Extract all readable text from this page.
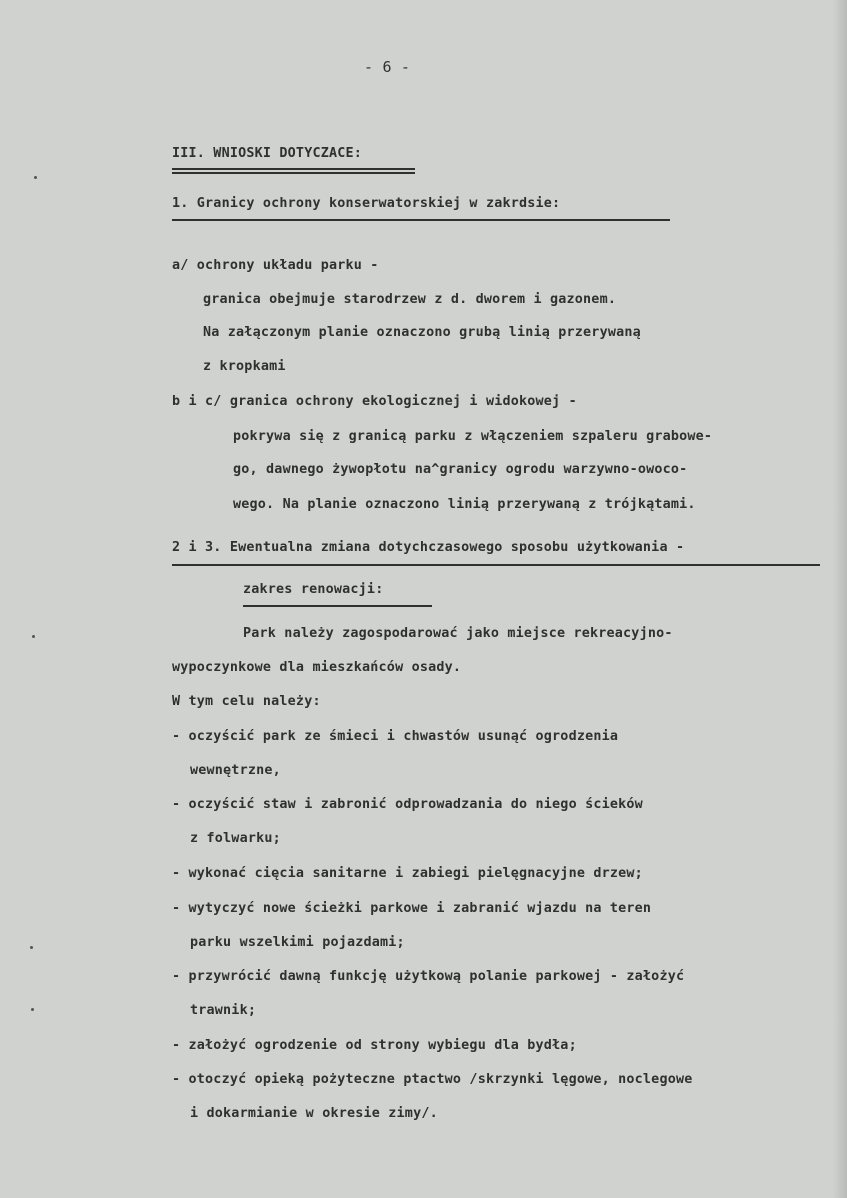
- 6 -
III. WNIOSKI DOTYCZACE:
1. Granicy ochrony konserwatorskiej w zakrdsie:
a/ ochrony układu parku -
granica obejmuje starodrzew z d. dworem i gazonem.
Na załączonym planie oznaczono grubą linią przerywaną
z kropkami
b i c/ granica ochrony ekologicznej i widokowej -
pokrywa się z granicą parku z włączeniem szpaleru grabowe-
go, dawnego żywopłotu na^granicy ogrodu warzywno-owoco-
wego. Na planie oznaczono linią przerywaną z trójkątami.
2 i 3. Ewentualna zmiana dotychczasowego sposobu użytkowania -
zakres renowacji:
Park należy zagospodarować jako miejsce rekreacyjno-
wypoczynkowe dla mieszkańców osady.
W tym celu należy:
- oczyścić park ze śmieci i chwastów usunąć ogrodzenia
wewnętrzne,
- oczyścić staw i zabronić odprowadzania do niego ścieków
z folwarku;
- wykonać cięcia sanitarne i zabiegi pielęgnacyjne drzew;
- wytyczyć nowe ścieżki parkowe i zabranić wjazdu na teren
parku wszelkimi pojazdami;
- przywrócić dawną funkcję użytkową polanie parkowej - założyć
trawnik;
- założyć ogrodzenie od strony wybiegu dla bydła;
- otoczyć opieką pożyteczne ptactwo /skrzynki lęgowe, noclegowe
i dokarmianie w okresie zimy/.
